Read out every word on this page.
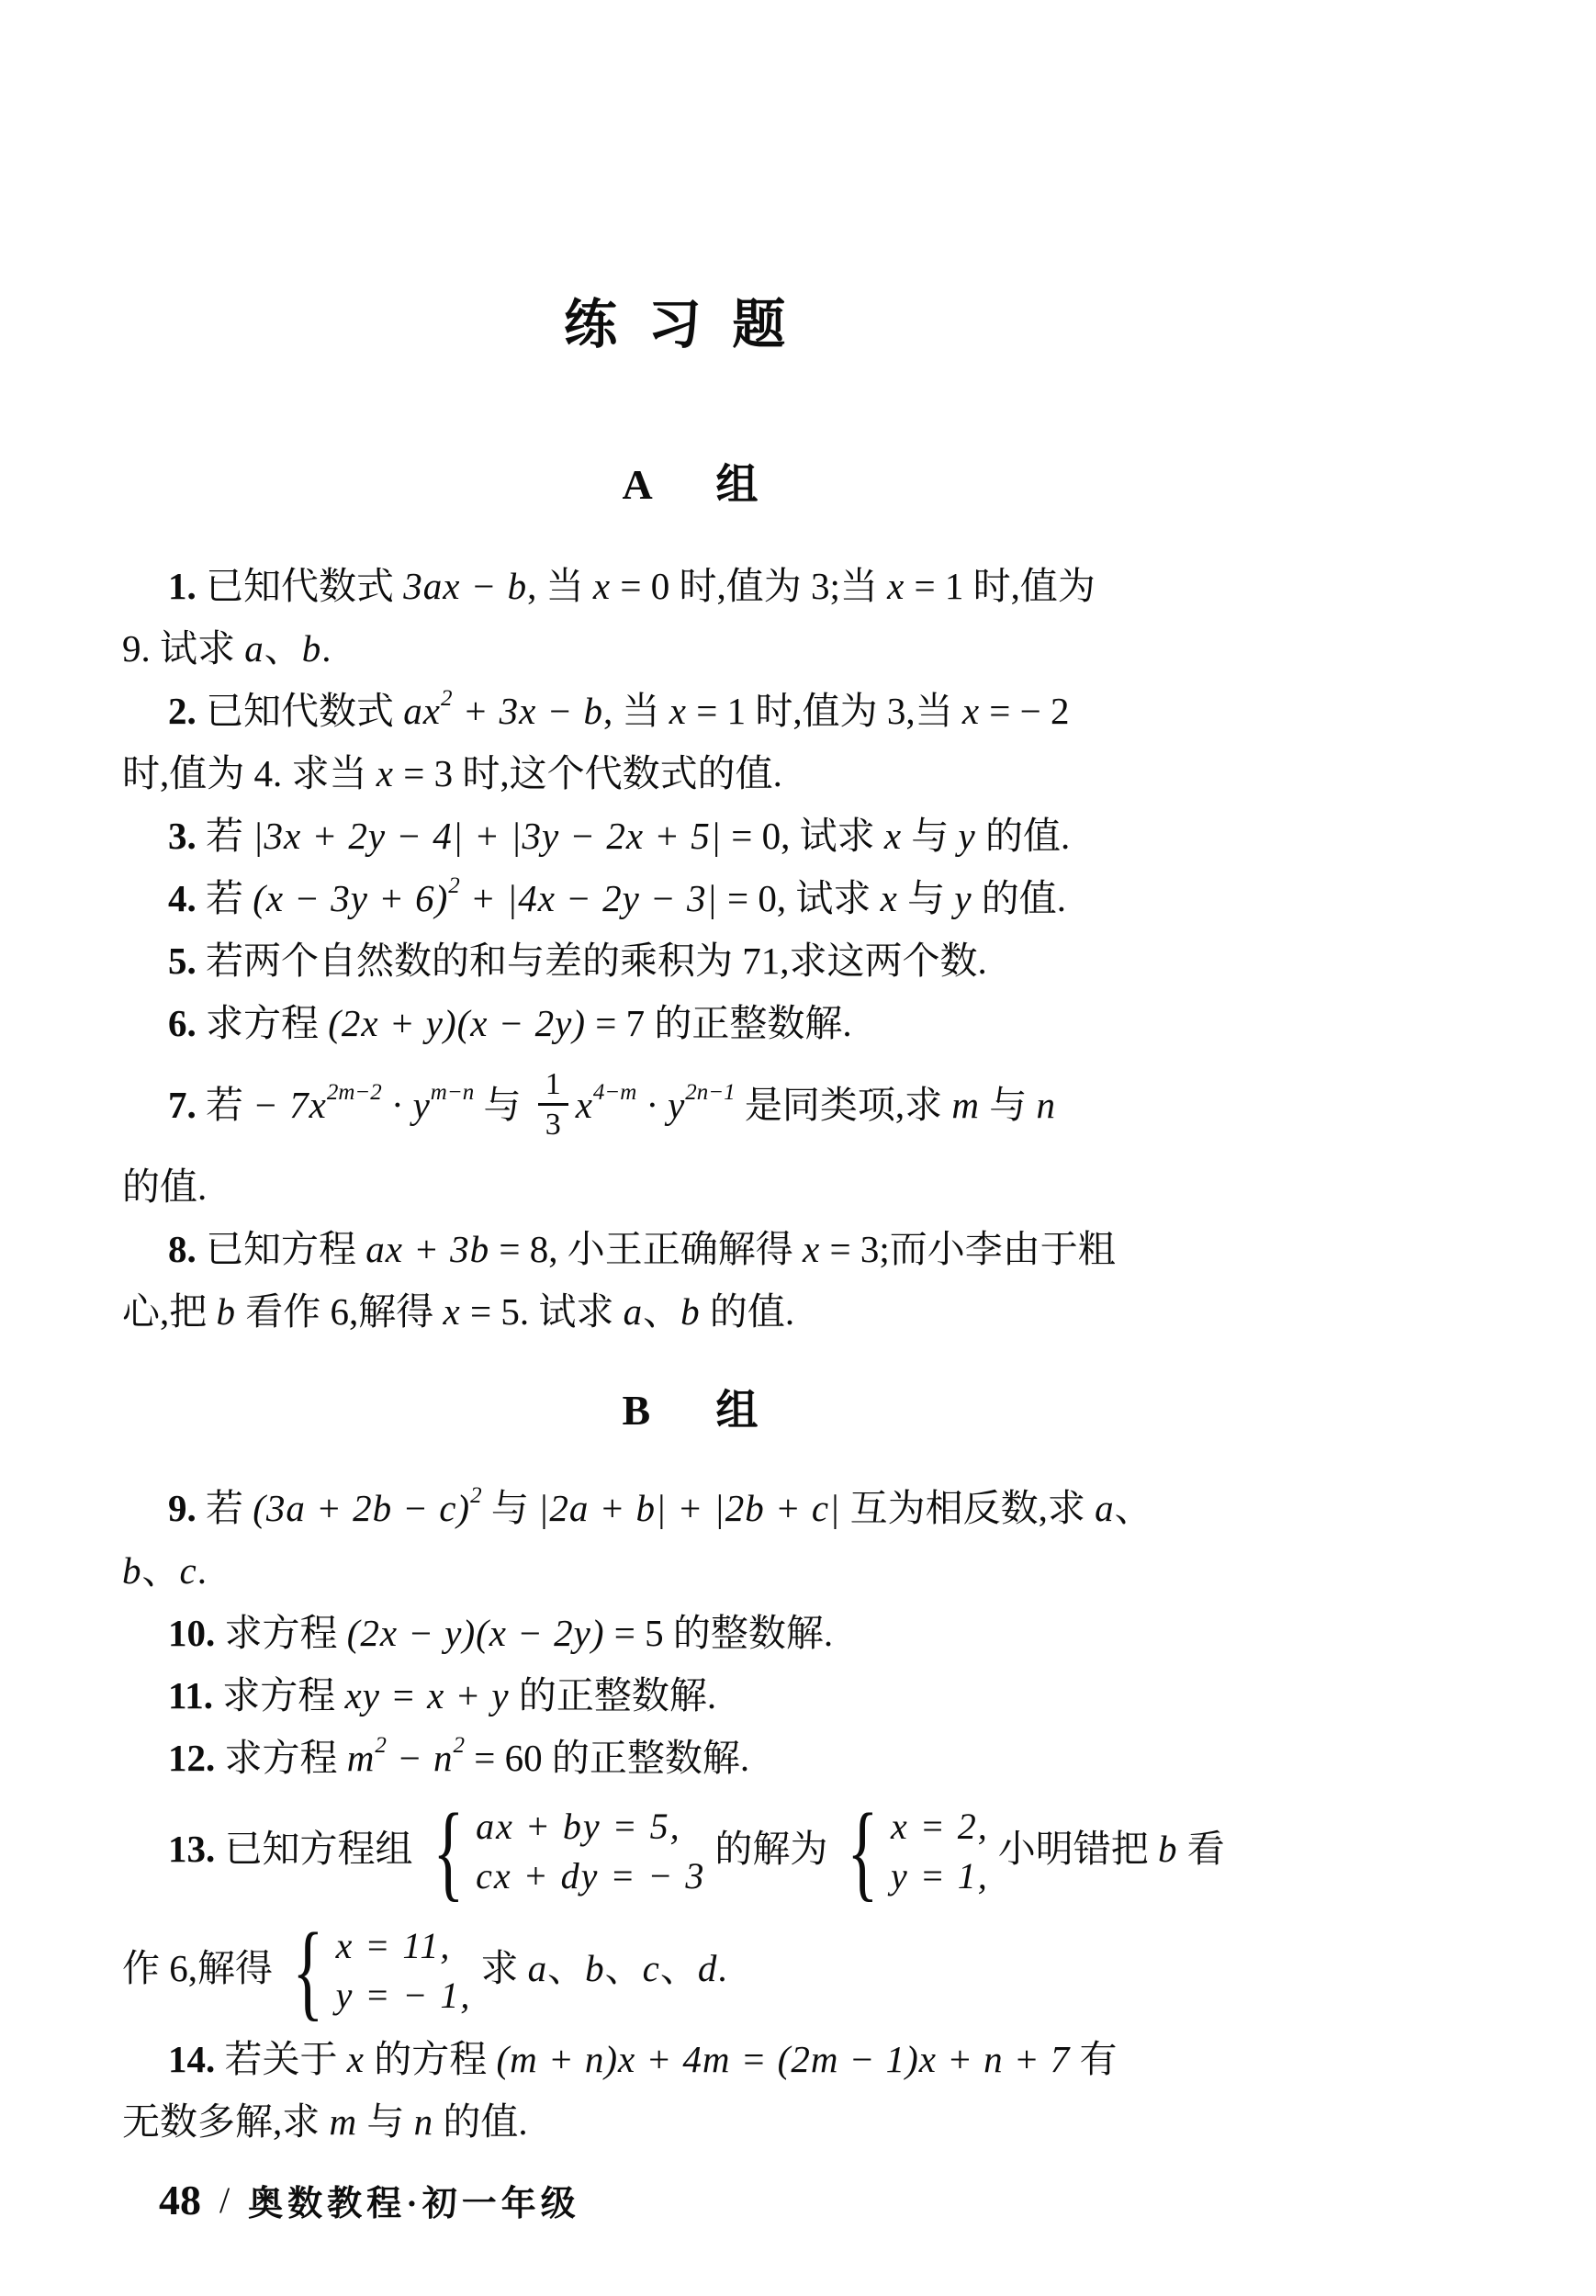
练习题
A 组
1. 已知代数式 3ax − b, 当 x = 0 时,值为 3;当 x = 1 时,值为
9. 试求 a、b.
2. 已知代数式 $ax^2 + 3x - b$, 当 x = 1 时,值为 3,当 x = − 2
时,值为 4. 求当 x = 3 时,这个代数式的值.
3. 若 |3x + 2y − 4| + |3y − 2x + 5| = 0, 试求 x 与 y 的值.
4. 若 $(x - 3y + 6)^2 + |4x - 2y - 3| = 0$, 试求 x 与 y 的值.
5. 若两个自然数的和与差的乘积为 71,求这两个数.
6. 求方程 (2x + y)(x − 2y) = 7 的正整数解.
7. 若 − $7x^{2m-2} \cdot y^{m-n}$ 与 $\frac{1}{3} x^{4-m} \cdot y^{2n-1}$ 是同类项,求 m 与 n
的值.
8. 已知方程 ax + 3b = 8, 小王正确解得 x = 3;而小李由于粗
心,把 b 看作 6,解得 x = 5. 试求 a、b 的值.
B 组
9. 若 $(3a + 2b - c)^2$ 与 |2a + b| + |2b + c| 互为相反数,求 a、
b、c.
10. 求方程 (2x − y)(x − 2y) = 5 的整数解.
11. 求方程 xy = x + y 的正整数解.
12. 求方程 $m^2 - n^2 = 60$ 的正整数解.
13. 已知方程组 { ax + by = 5,
cx + dy = − 3
的解为 { x = 2,
y = 1,
小明错把 b 看
作 6,解得 { x = 11,
y = − 1,
求 a、b、c、d.
14. 若关于 x 的方程 (m + n)x + 4m = (2m − 1)x + n + 7 有
无数多解,求 m 与 n 的值.
48 / 奥数教程·初一年级
